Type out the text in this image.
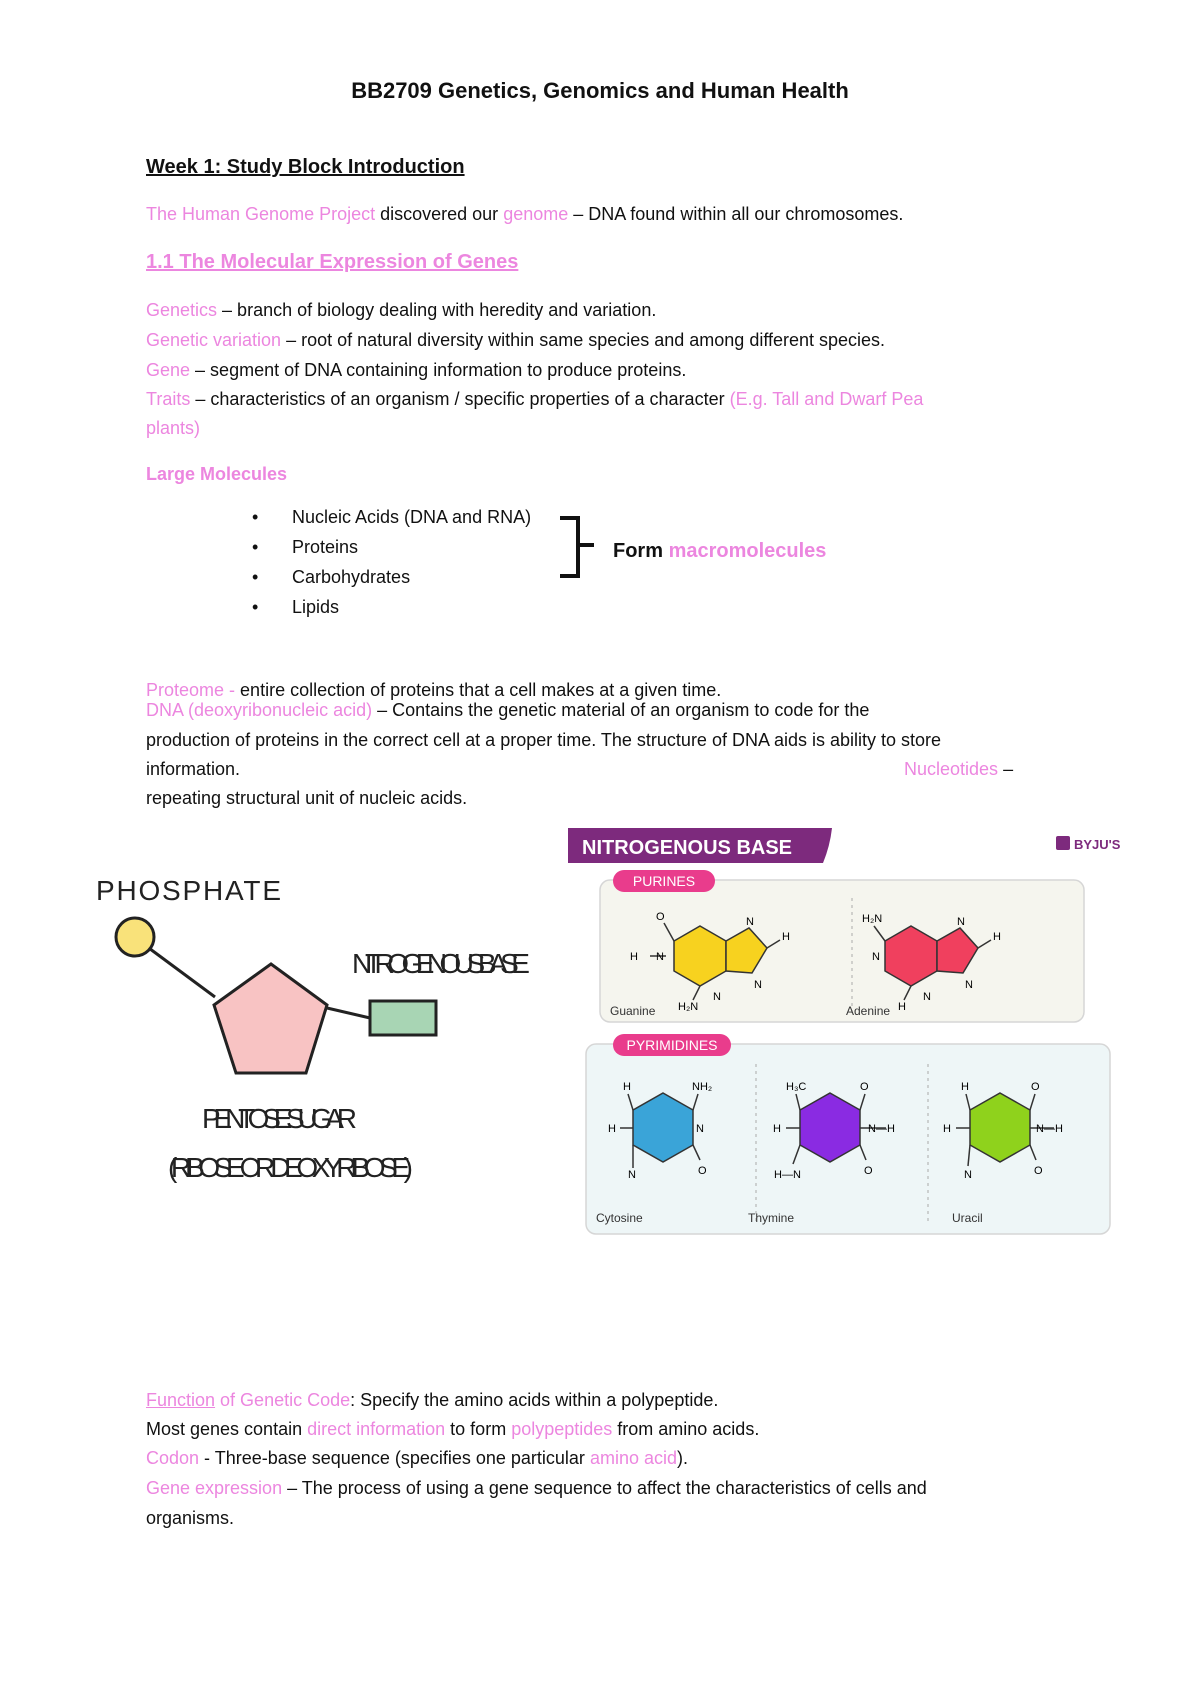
BB2709 Genetics, Genomics and Human Health
Week 1: Study Block Introduction
The Human Genome Project discovered our genome – DNA found within all our chromosomes.
1.1 The Molecular Expression of Genes
Genetics – branch of biology dealing with heredity and variation.
Genetic variation – root of natural diversity within same species and among different species.
Gene – segment of DNA containing information to produce proteins.
Traits – characteristics of an organism / specific properties of a character (E.g. Tall and Dwarf Pea
plants)
Large Molecules
• Nucleic Acids (DNA and RNA)
• Proteins
• Carbohydrates
• Lipids
Form macromolecules
Proteome - entire collection of proteins that a cell makes at a given time.
DNA (deoxyribonucleic acid) – Contains the genetic material of an organism to code for the
production of proteins in the correct cell at a proper time. The structure of DNA aids is ability to store
information.	Nucleotides –
repeating structural unit of nucleic acids.
PHOSPHATE
NITROGENOUS BASE
PENTOSE SUGAR
(RIBOSE OR DEOXYRIBOSE)
NITROGENOUS BASE	BYJU'S
PURINES
O	N
H
H N
N
N
H₂N
Guanine
H₂N	N
H
N
N
N
H
Adenine
PYRIMIDINES
H	NH₂
H	N
N	O
Cytosine
H₃C	O
H	N—H
H—N	O
Thymine
H	O
H	N—H
N	O
Uracil
Function of Genetic Code: Specify the amino acids within a polypeptide.
Most genes contain direct information to form polypeptides from amino acids.
Codon - Three-base sequence (specifies one particular amino acid).
Gene expression – The process of using a gene sequence to affect the characteristics of cells and
organisms.
